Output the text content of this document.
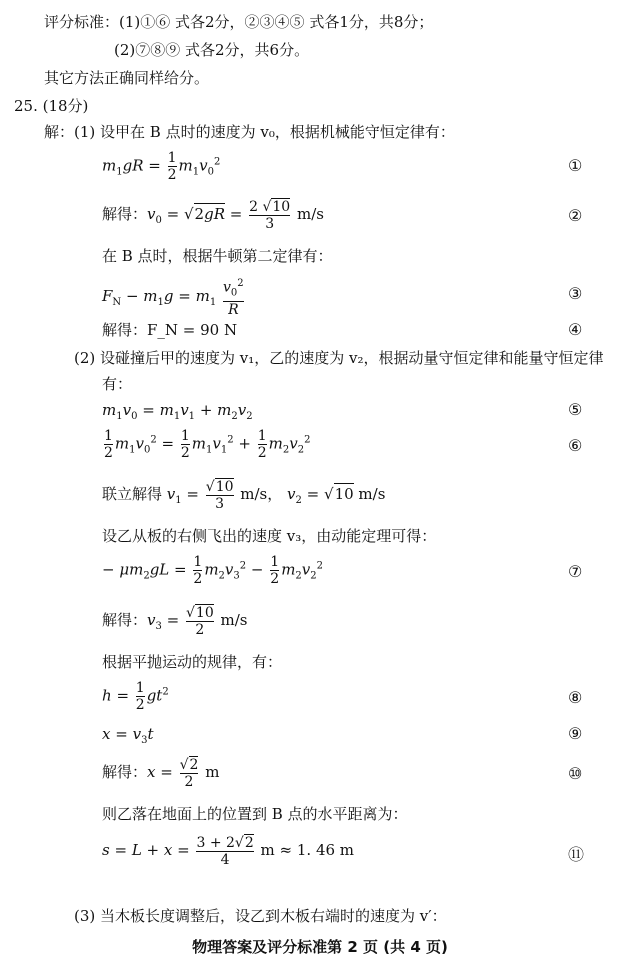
评分标准：(1)①⑥ 式各2分，②③④⑤ 式各1分，共8分；
(2)⑦⑧⑨ 式各2分，共6分。
其它方法正确同样给分。
25. (18分)
解：(1) 设甲在 B 点时的速度为 v₀，根据机械能守恒定律有：
$m_1gR = \frac{1}{2} m_1v_0^2$	①
解得：$v_0 = √2gR = \frac{2 √10}{3} m/s$	②
在 B 点时，根据牛顿第二定律有：
$F_N - m_1g = m_1 \frac{v_0^2}{R}$	③
解得：F_N = 90 N	④
(2) 设碰撞后甲的速度为 v₁，乙的速度为 v₂，根据动量守恒定律和能量守恒定律
有：
$m_1v_0 = m_1v_1 + m_2v_2$	⑤
$\frac{1}{2} m_1v_0^2 = \frac{1}{2} m_1v_1^2 + \frac{1}{2} m_2v_2^2$	⑥
联立解得 $v_1 = \frac{√10}{3} m/s$， $v_2 = √10$ m/s
设乙从板的右侧飞出的速度 v₃，由动能定理可得：
− $\mu m_2gL = \frac{1}{2} m_2v_3^2 - \frac{1}{2} m_2v_2^2$	⑦
解得：$v_3 = \frac{√10}{2} m/s$
根据平抛运动的规律，有：
$h = \frac{1}{2} gt^2$	⑧
$x = v_3t$	⑨
解得：$x = \frac{√2}{2}$ m	⑩
则乙落在地面上的位置到 B 点的水平距离为：
$s = L + x = \frac{3 + 2√2}{4}$ m ≈ 1. 46 m	⑪
(3) 当木板长度调整后，设乙到木板右端时的速度为 v′：
物理答案及评分标准第 2 页 (共 4 页)
